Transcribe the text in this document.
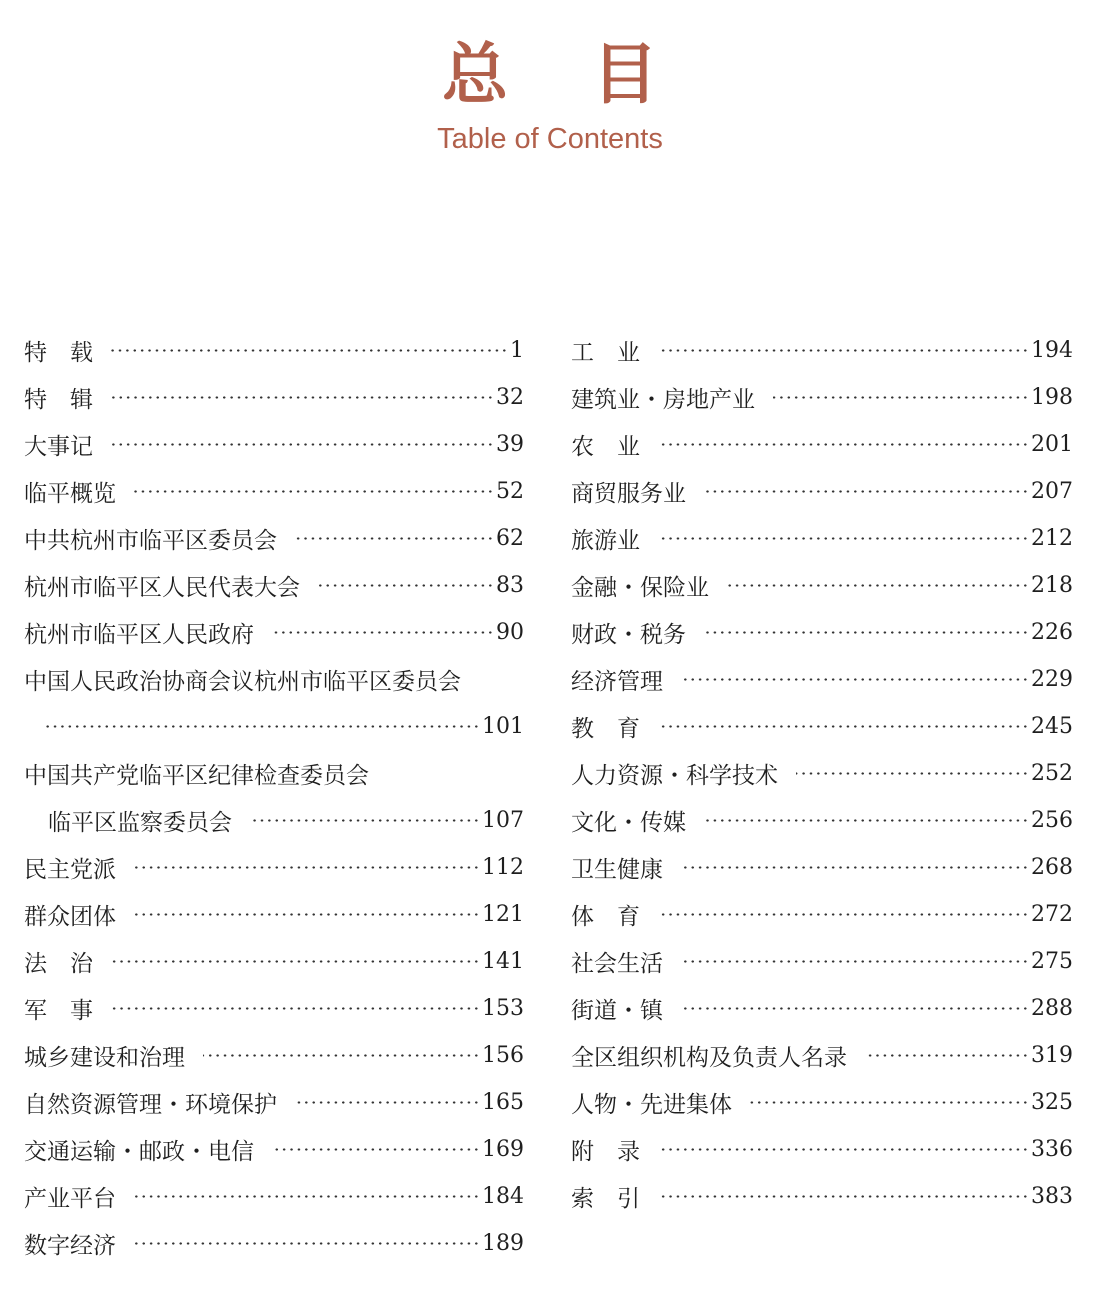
总 目
Table of Contents
特　载	1
特　辑	32
大事记	39
临平概览	52
中共杭州市临平区委员会	62
杭州市临平区人民代表大会	83
杭州市临平区人民政府	90
中国人民政治协商会议杭州市临平区委员会
101
中国共产党临平区纪律检查委员会
临平区监察委员会	107
民主党派	112
群众团体	121
法　治	141
军　事	153
城乡建设和治理	156
自然资源管理・环境保护	165
交通运输・邮政・电信	169
产业平台	184
数字经济	189
工　业	194
建筑业・房地产业	198
农　业	201
商贸服务业	207
旅游业	212
金融・保险业	218
财政・税务	226
经济管理	229
教　育	245
人力资源・科学技术	252
文化・传媒	256
卫生健康	268
体　育	272
社会生活	275
街道・镇	288
全区组织机构及负责人名录	319
人物・先进集体	325
附　录	336
索　引	383
